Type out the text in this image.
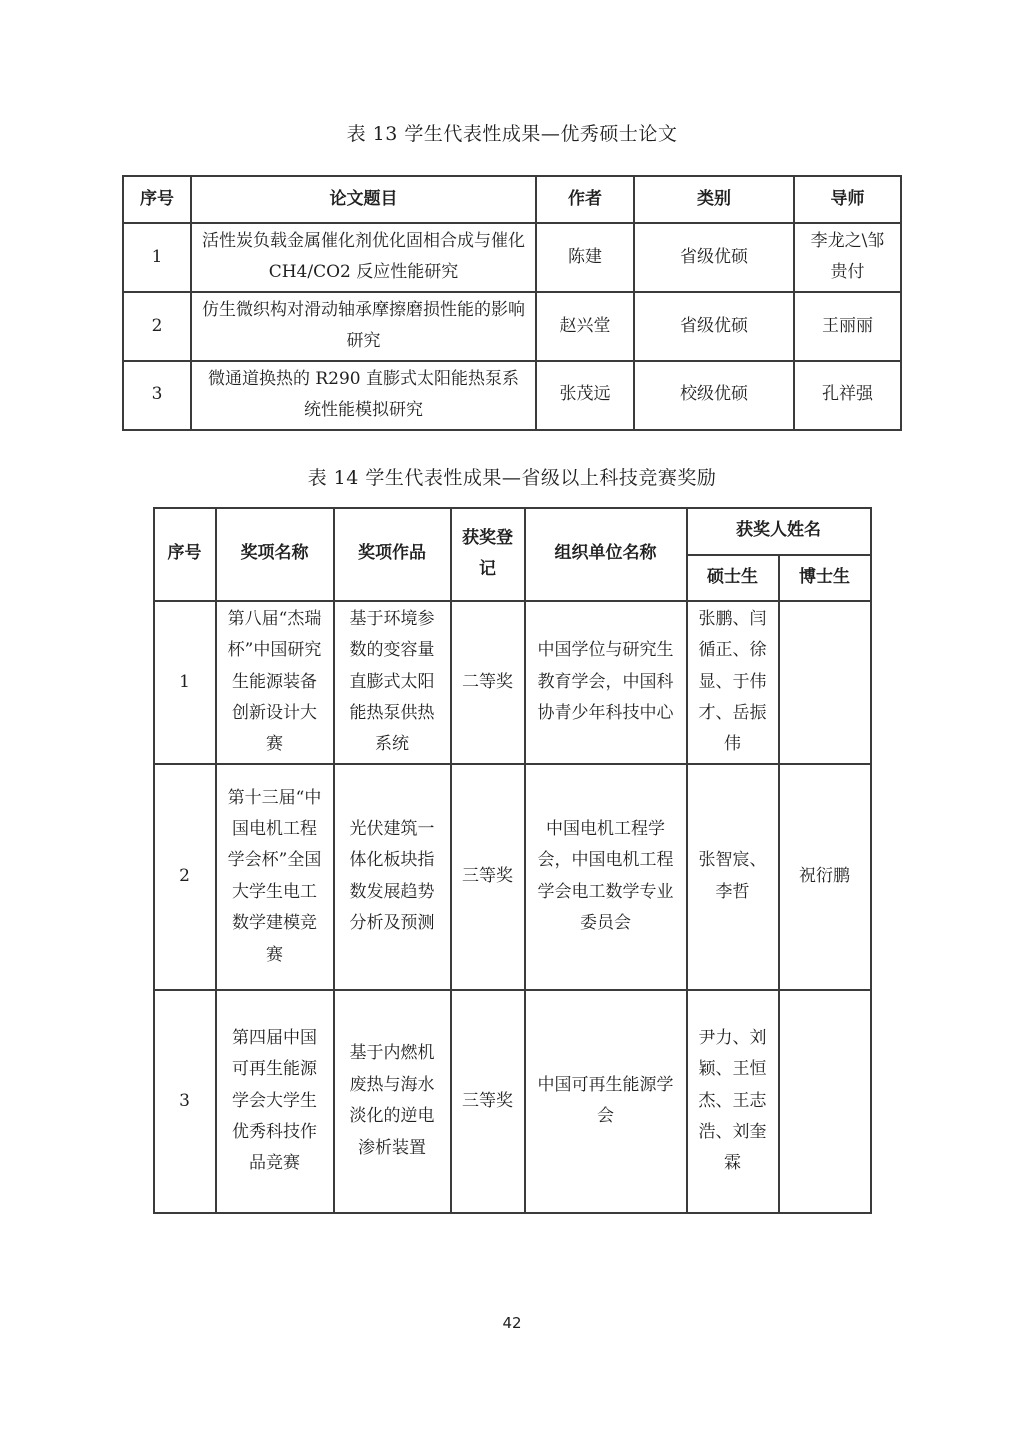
表 13 学生代表性成果—优秀硕士论文
序号	论文题目	作者	类别	导师
1	活性炭负载金属催化剂优化固相合成与催化 CH4/CO2 反应性能研究	陈建	省级优硕	李龙之\邹贵付
2	仿生微织构对滑动轴承摩擦磨损性能的影响研究	赵兴堂	省级优硕	王丽丽
3	微通道换热的 R290 直膨式太阳能热泵系统性能模拟研究	张茂远	校级优硕	孔祥强
表 14 学生代表性成果—省级以上科技竞赛奖励
序号	奖项名称	奖项作品	获奖登记	组织单位名称	获奖人姓名	
					硕士生	博士生
1	第八届“杰瑞杯”中国研究生能源装备创新设计大赛	基于环境参数的变容量直膨式太阳能热泵供热系统	二等奖	中国学位与研究生教育学会，中国科协青少年科技中心	张鹏、闫循正、徐显、于伟才、岳振伟	
2	第十三届“中国电机工程学会杯”全国大学生电工数学建模竞赛	光伏建筑一体化板块指数发展趋势分析及预测	三等奖	中国电机工程学会，中国电机工程学会电工数学专业委员会	张智宸、李哲	祝衍鹏
3	第四届中国可再生能源学会大学生优秀科技作品竞赛	基于内燃机废热与海水淡化的逆电渗析装置	三等奖	中国可再生能源学会	尹力、刘颖、王恒杰、王志浩、刘奎霖	
42
